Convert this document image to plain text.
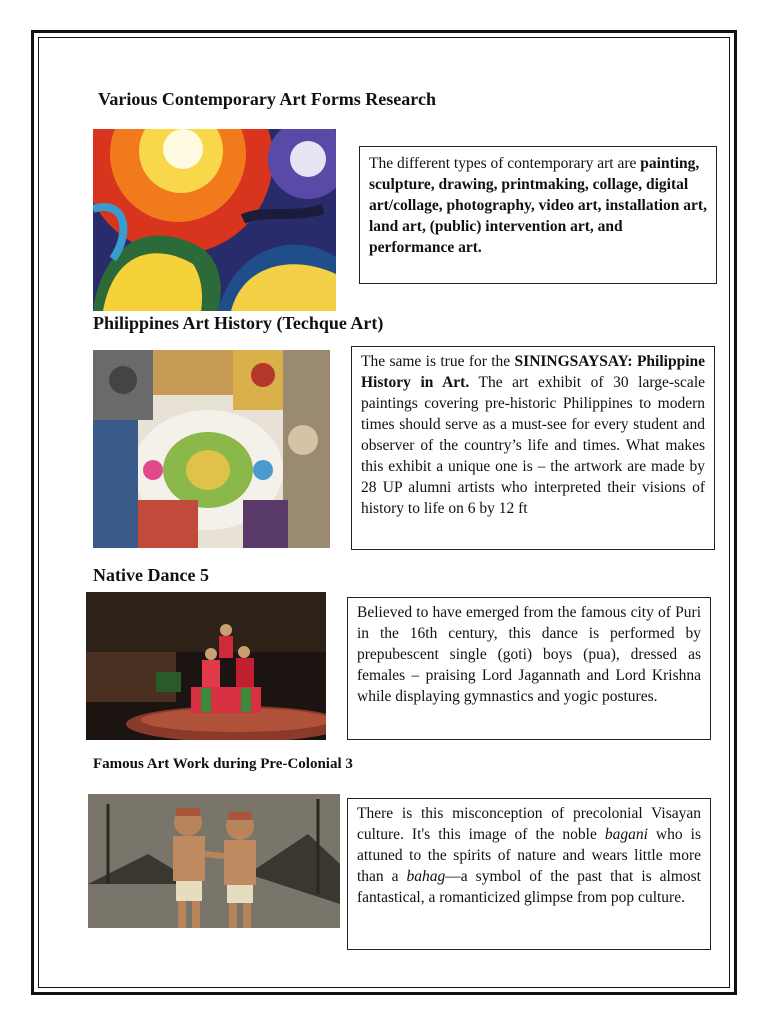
Various Contemporary Art Forms Research
The different types of contemporary art are painting, sculpture, drawing, printmaking, collage, digital art/collage, photography, video art, installation art, land art, (public) intervention art, and performance art.
Philippines Art History (Techque Art)
The same is true for the SININGSAYSAY: Philippine History in Art. The art exhibit of 30 large-scale paintings covering pre-historic Philippines to modern times should serve as a must-see for every student and observer of the country’s life and times. What makes this exhibit a unique one is – the artwork are made by 28 UP alumni artists who interpreted their visions of history to life on 6 by 12 ft
Native Dance 5
Believed to have emerged from the famous city of Puri in the 16th century, this dance is performed by prepubescent single (goti) boys (pua), dressed as females – praising Lord Jagannath and Lord Krishna while displaying gymnastics and yogic postures.
Famous Art Work during Pre-Colonial 3
There is this misconception of precolonial Visayan culture. It's this image of the noble bagani who is attuned to the spirits of nature and wears little more than a bahag—a symbol of the past that is almost fantastical, a romanticized glimpse from pop culture.
